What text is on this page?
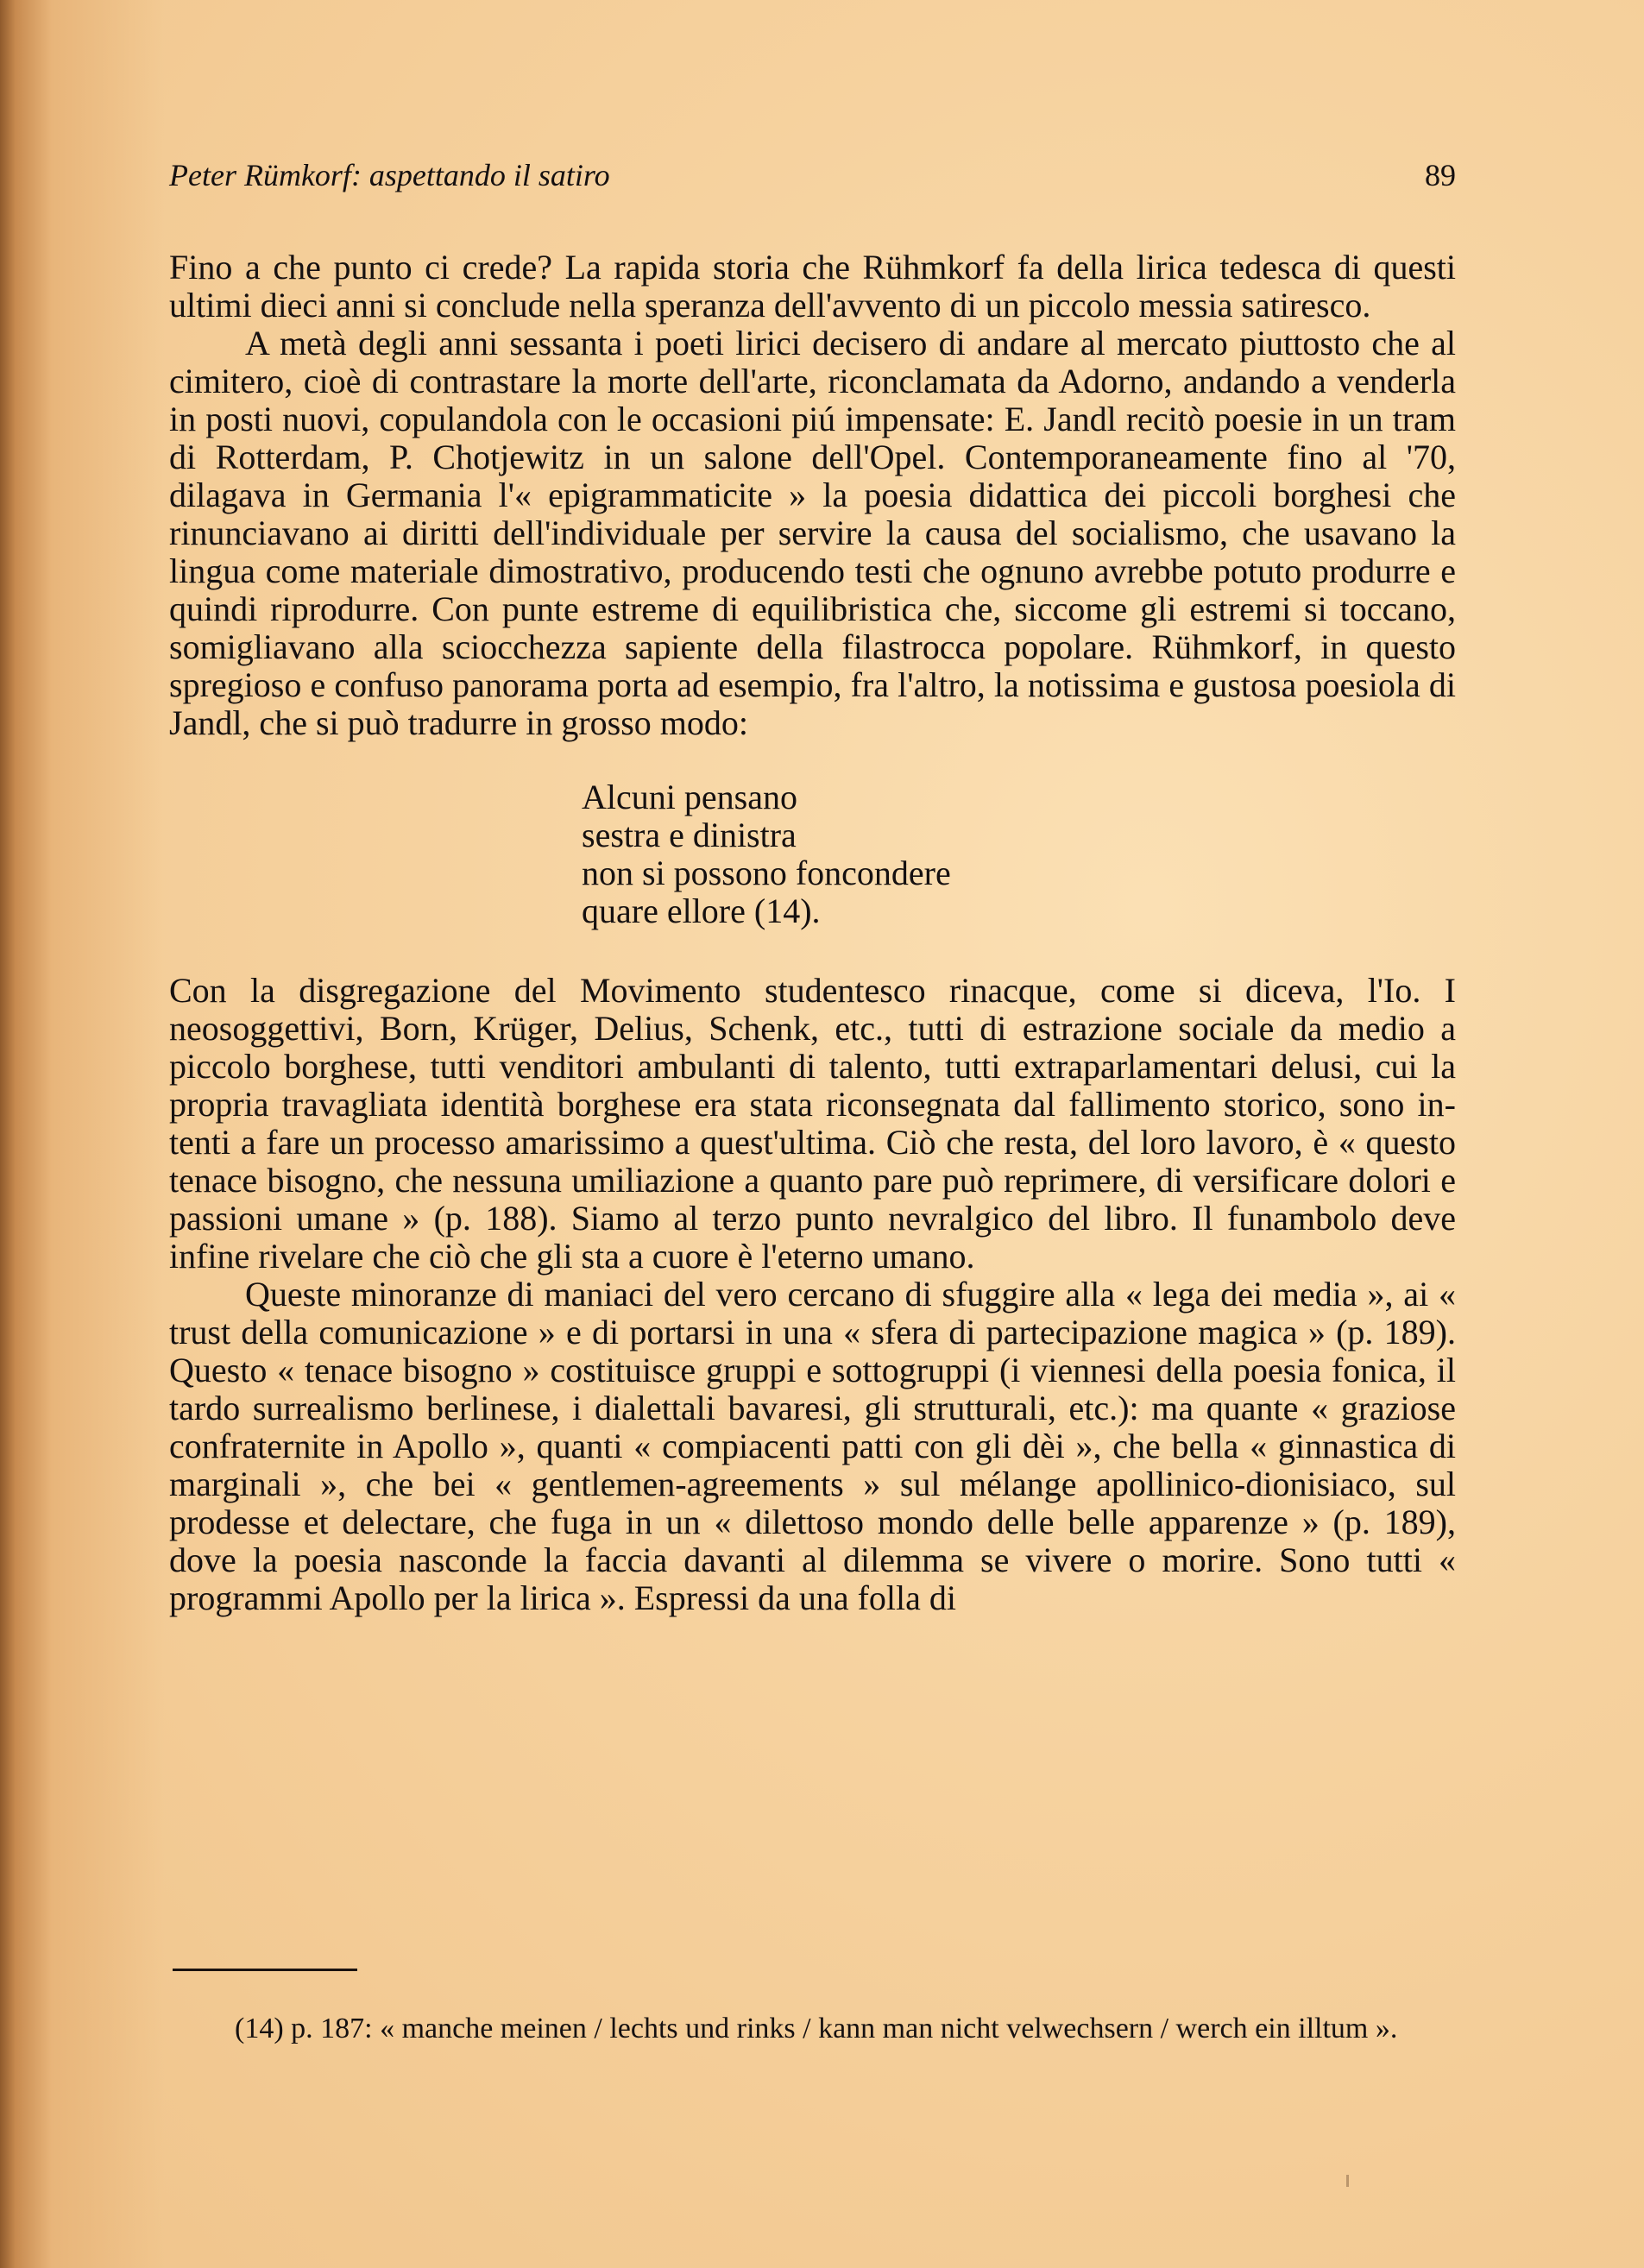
Peter Rümkorf: aspettando il satiro	89

Fino a che punto ci crede? La rapida storia che Rühmkorf fa della lirica tedesca di questi ultimi dieci anni si conclude nella speranza dell'avvento di un piccolo messia satiresco.

A metà degli anni sessanta i poeti lirici decisero di andare al mercato piuttosto che al cimitero, cioè di contrastare la morte dell'arte, riconclamata da Adorno, andando a venderla in posti nuovi, copulandola con le occasioni piú impensate: E. Jandl recitò poesie in un tram di Rotterdam, P. Chotjewitz in un salone dell'Opel. Contemporaneamente fino al '70, dilagava in Germania l'« epigrammaticite » la poesia didattica dei piccoli borghesi che rinunciavano ai diritti dell'individuale per servire la causa del socialismo, che usavano la lingua come materiale dimostrativo, producendo testi che ognuno avrebbe potuto produrre e quindi riprodurre. Con punte estreme di equilibristica che, siccome gli estremi si toccano, somigliavano alla sciocchezza sapiente della filastrocca popolare. Rühmkorf, in questo spregioso e confuso panorama porta ad esempio, fra l'altro, la notissima e gustosa poesiola di Jandl, che si può tradurre in grosso modo:

Alcuni pensano
sestra e dinistra
non si possono foncondere
quare ellore (14).

Con la disgregazione del Movimento studentesco rinacque, come si diceva, l'Io. I neosoggettivi, Born, Krüger, Delius, Schenk, etc., tutti di estrazione sociale da medio a piccolo borghese, tutti venditori ambulanti di talento, tutti extraparlamentari delusi, cui la propria travagliata identità borghese era stata riconsegnata dal fallimento storico, sono intenti a fare un processo amarissimo a quest'ultima. Ciò che resta, del loro lavoro, è « questo tenace bisogno, che nessuna umiliazione a quanto pare può reprimere, di versificare dolori e passioni umane » (p. 188). Siamo al terzo punto nevralgico del libro. Il funambolo deve infine rivelare che ciò che gli sta a cuore è l'eterno umano.

Queste minoranze di maniaci del vero cercano di sfuggire alla « lega dei media », ai « trust della comunicazione » e di portarsi in una « sfera di partecipazione magica » (p. 189). Questo « tenace bisogno » costituisce gruppi e sottogruppi (i viennesi della poesia fonica, il tardo surrealismo berlinese, i dialettali bavaresi, gli strutturali, etc.): ma quante « graziose confraternite in Apollo », quanti « compiacenti patti con gli dèi », che bella « ginnastica di marginali », che bei « gentlemen-agreements » sul mélange apollinico-dionisiaco, sul prodesse et delectare, che fuga in un « dilettoso mondo delle belle apparenze » (p. 189), dove la poesia nasconde la faccia davanti al dilemma se vivere o morire. Sono tutti « programmi Apollo per la lirica ». Espressi da una folla di

(14) p. 187: « manche meinen / lechts und rinks / kann man nicht velwechsern / werch ein illtum ».
